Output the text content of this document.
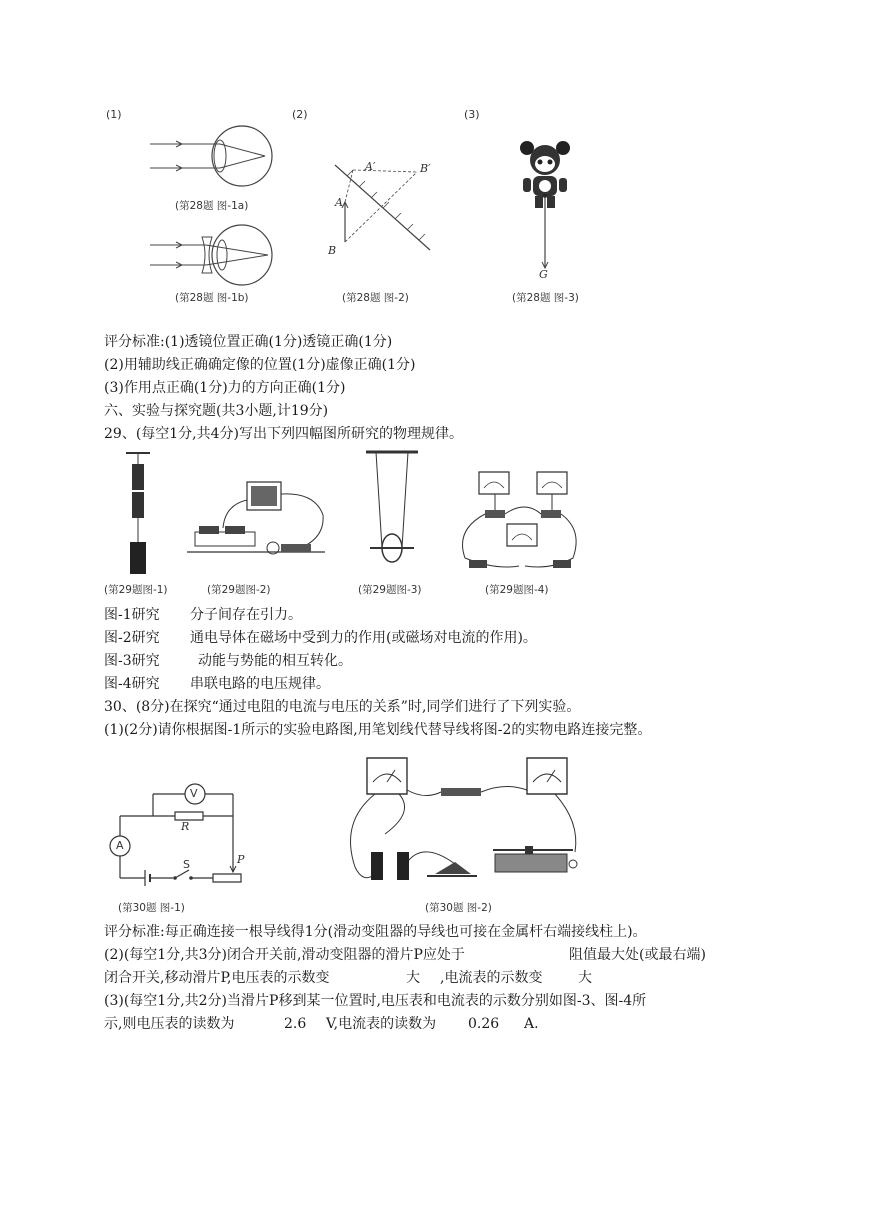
(1)	(2)	(3)
(第28题 图-1a)
(第28题 图-1b)
A′	B′
A
B
(第28题 图-2)
G
(第28题 图-3)
评分标准:(1)透镜位置正确(1分)透镜正确(1分)
(2)用辅助线正确确定像的位置(1分)虚像正确(1分)
(3)作用点正确(1分)力的方向正确(1分)
六、实验与探究题(共3小题,计19分)
29、(每空1分,共4分)写出下列四幅图所研究的物理规律。
(第29题图-1)	(第29题图-2)	(第29题图-3)	(第29题图-4)
图-1研究 分子间存在引力。
图-2研究 通电导体在磁场中受到力的作用(或磁场对电流的作用)。
图-3研究	动能与势能的相互转化。
图-4研究 串联电路的电压规律。
30、(8分)在探究“通过电阻的电流与电压的关系”时,同学们进行了下列实验。
(1)(2分)请你根据图-1所示的实验电路图,用笔划线代替导线将图-2的实物电路连接完整。
V
A
R
S	P
(第30题 图-1)	(第30题 图-2)
评分标准:每正确连接一根导线得1分(滑动变阻器的导线也可接在金属杆右端接线柱上)。
(2)(每空1分,共3分)闭合开关前,滑动变阻器的滑片P应处于	阻值最大处(或最右端)
闭合开关,移动滑片P,电压表的示数变	大 ,电流表的示数变	大
(3)(每空1分,共2分)当滑片P移到某一位置时,电压表和电流表的示数分别如图-3、图-4所
示,则电压表的读数为	2.6 V,电流表的读数为 0.26 A.
